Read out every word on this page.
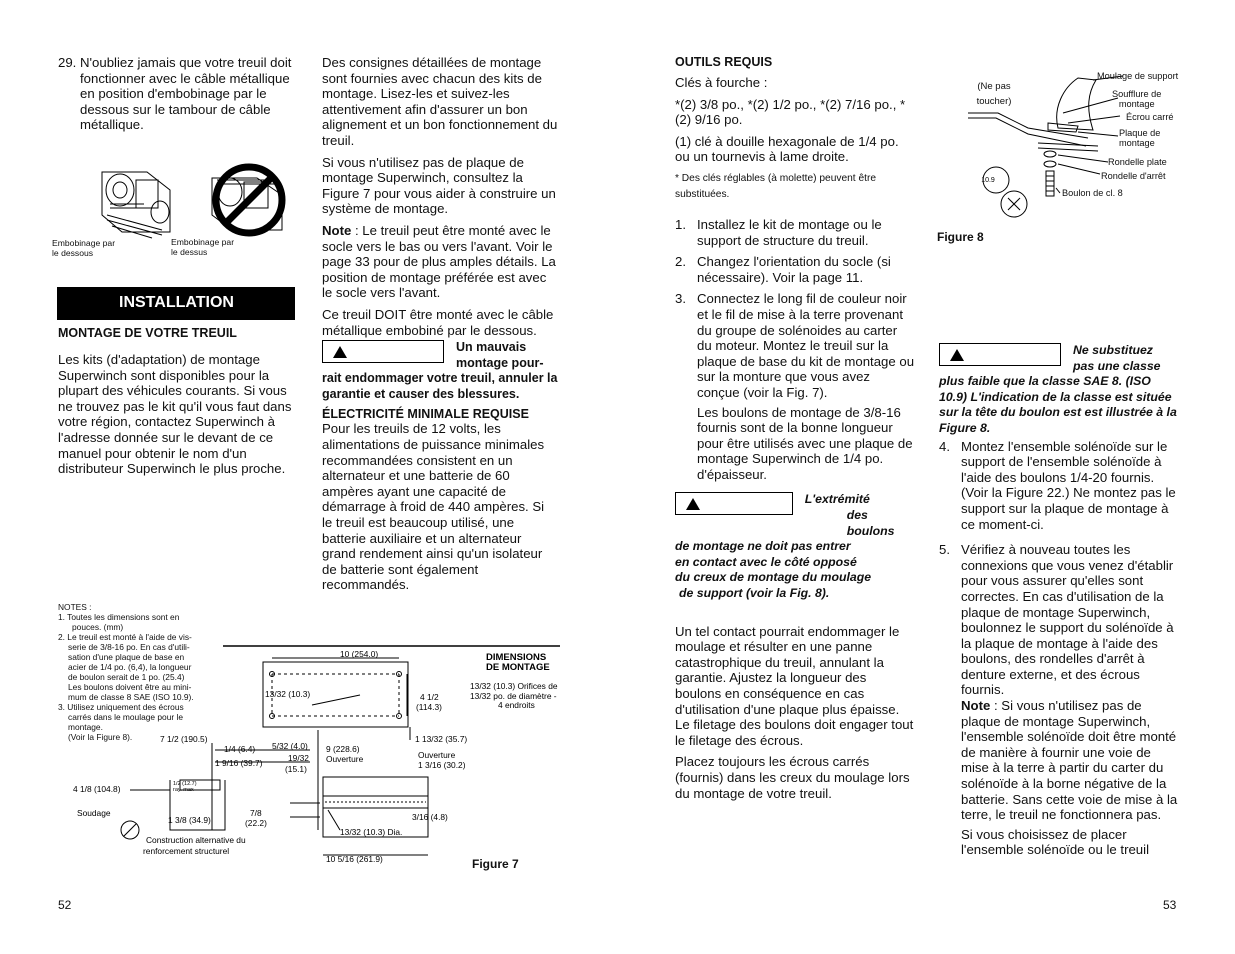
29. N'oubliez jamais que votre treuil doit fonctionner avec le câble métallique en position d'embobinage par le dessous sur le tambour de câble métallique.
Embobinage par le dessous
Embobinage par le dessus
INSTALLATION
MONTAGE DE VOTRE TREUIL

Les kits (d'adaptation) de montage Superwinch sont disponibles pour la plupart des véhicules courants. Si vous ne trouvez pas le kit qu'il vous faut dans votre région, contactez Superwinch à l'adresse donnée sur le devant de ce manuel pour obtenir le nom d'un distributeur Superwinch le plus proche.

Des consignes détaillées de montage sont fournies avec chacun des kits de montage. Lisez-les et suivez-les attentivement afin d'assurer un bon alignement et un bon fonctionnement du treuil.

Si vous n'utilisez pas de plaque de montage Superwinch, consultez la Figure 7 pour vous aider à construire un système de montage.

Note : Le treuil peut être monté avec le socle vers le bas ou vers l'avant. Voir le page 33 pour de plus amples détails. La position de montage préférée est avec le socle vers l'avant.

Ce treuil DOIT être monté avec le câble métallique embobiné par le dessous.

Un mauvais
montage pour-
rait endommager votre treuil, annuler la garantie et causer des blessures.
ÉLECTRICITÉ MINIMALE REQUISE

Pour les treuils de 12 volts, les alimentations de puissance minimales recommandées consistent en un alternateur et une batterie de 60 ampères ayant une capacité de démarrage à froid de 440 ampères. Si le treuil est beaucoup utilisé, une batterie auxiliaire et un alternateur grand rendement ainsi qu'un isolateur de batterie sont également recommandés.

NOTES :
1. Toutes les dimensions sont en
pouces. (mm)
2. Le treuil est monté à l'aide de vis-
serie de 3/8-16 po. En cas d'utili-
sation d'une plaque de base en
acier de 1/4 po. (6,4), la longueur
de boulon serait de 1 po. (25.4)
Les boulons doivent être au mini-
mum de classe 8 SAE (ISO 10.9).
3. Utilisez uniquement des écrous
carrés dans le moulage pour le
montage.
(Voir la Figure 8).
10 (254.0)
13/32 (10.3)	4 1/2
(114.3)
1 13/32 (35.7)
7 1/2 (190.5)
1/4 (6.4)
1 9/16 (39.7)
5/32 (4.0)
19/32
(15.1)
9 (228.6)
Ouverture	Ouverture
1 3/16 (30.2)
4 1/8 (104.8)	1/2 (12.7)
ray. max
Soudage
1 3/8 (34.9)
7/8
(22.2)
13/32 (10.3) Dia.
3/16 (4.8)
Construction alternative du
renforcement structurel
10 5/16 (261.9)
13/32 (10.3) Orifices de
13/32 po. de diamètre -
4 endroits
DIMENSIONS
DE MONTAGE
Figure 7
52
OUTILS REQUIS

Clés à fourche :

*(2) 3/8 po., *(2) 1/2 po., *(2) 7/16 po., *(2) 9/16 po.

(1) clé à douille hexagonale de 1/4 po. ou un tournevis à lame droite.

* Des clés réglables (à molette) peuvent être substituées.

1. Installez le kit de montage ou le support de structure du treuil.
2. Changez l'orientation du socle (si nécessaire). Voir la page 11.
3. Connectez le long fil de couleur noir et le fil de mise à la terre provenant du groupe de solénoides au carter du moteur. Montez le treuil sur la plaque de base du kit de montage ou sur la monture que vous avez conçue (voir la Fig. 7).

Les boulons de montage de 3/8-16 fournis sont de la bonne longueur pour être utilisés avec une plaque de montage Superwinch de 1/4 po. d'épaisseur.

L'extrémité
des boulons
de montage ne doit pas entrer
en contact avec le côté opposé
du creux de montage du moulage
de support (voir la Fig. 8).

Un tel contact pourrait endommager le moulage et résulter en une panne catastrophique du treuil, annulant la garantie. Ajustez la longueur des boulons en conséquence en cas d'utilisation d'une plaque plus épaisse. Le filetage des boulons doit engager tout le filetage des écrous.

Placez toujours les écrous carrés (fournis) dans les creux du moulage lors du montage de votre treuil.

10.9
(Ne pas
toucher)
Moulage de support
Soufflure de
montage
Écrou carré
Plaque de
montage
Rondelle plate
Rondelle d'arrêt
Boulon de cl. 8
Figure 8
Ne substituez
pas une classe
plus faible que la classe SAE 8. (ISO 10.9) L'indication de la classe est située sur la tête du boulon est est illustrée à la Figure 8.
4. Montez l'ensemble solénoïde sur le support de l'ensemble solénoïde à l'aide des boulons 1/4-20 fournis. (Voir la Figure 22.) Ne montez pas le support sur la plaque de montage à ce moment-ci.
5. Vérifiez à nouveau toutes les connexions que vous venez d'établir pour vous assurer qu'elles sont correctes. En cas d'utilisation de la plaque de montage Superwinch, boulonnez le support du solénoïde à la plaque de montage à l'aide des boulons, des rondelles d'arrêt à denture externe, et des écrous fournis.
Note : Si vous n'utilisez pas de plaque de montage Superwinch, l'ensemble solénoïde doit être monté de manière à fournir une voie de mise à la terre à partir du carter du solénoïde à la borne négative de la batterie. Sans cette voie de mise à la terre, le treuil ne fonctionnera pas.

Si vous choisissez de placer l'ensemble solénoïde ou le treuil

53
